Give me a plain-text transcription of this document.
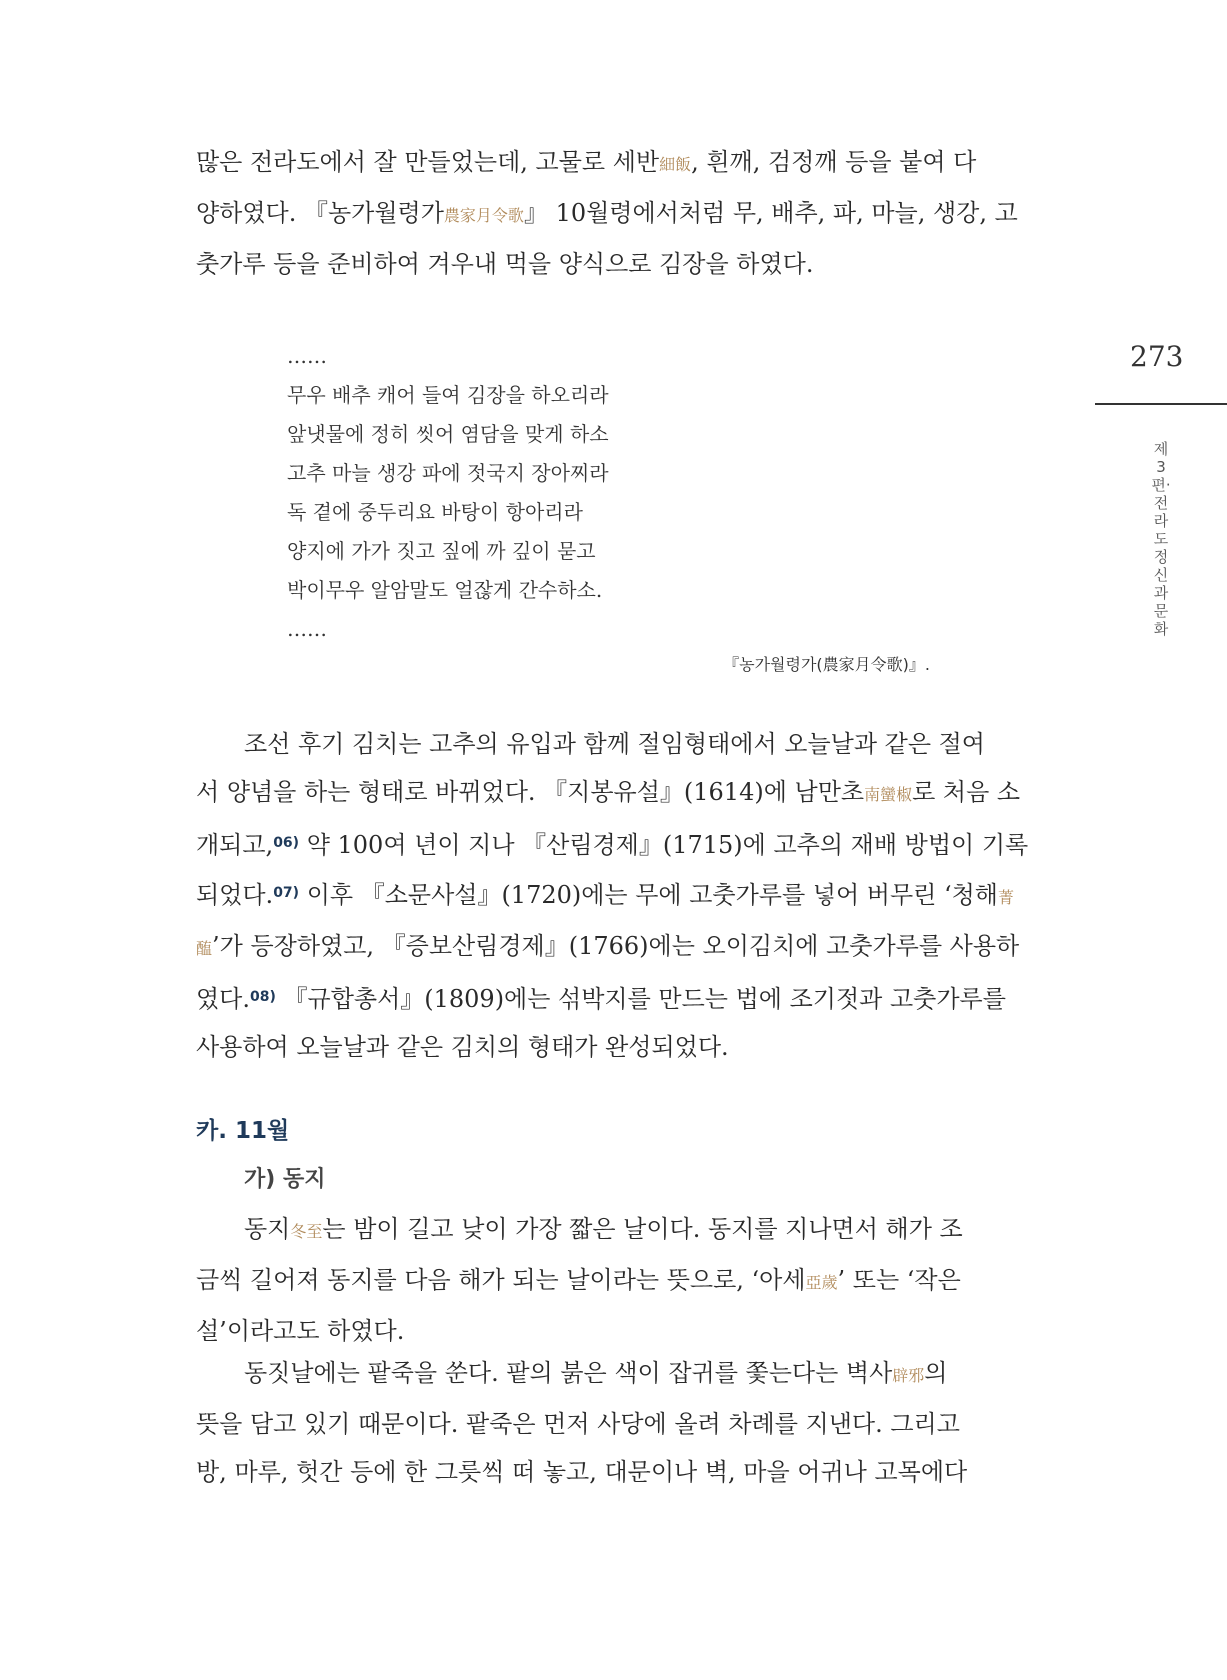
많은 전라도에서 잘 만들었는데, 고물로 세반細飯, 흰깨, 검정깨 등을 붙여 다
양하였다. 『농가월령가農家月令歌』 10월령에서처럼 무, 배추, 파, 마늘, 생강, 고
춧가루 등을 준비하여 겨우내 먹을 양식으로 김장을 하였다.
……
무우 배추 캐어 들여 김장을 하오리라
앞냇물에 정히 씻어 염담을 맞게 하소
고추 마늘 생강 파에 젓국지 장아찌라
독 곁에 중두리요 바탕이 항아리라
양지에 가가 짓고 짚에 까 깊이 묻고
박이무우 알암말도 얼잖게 간수하소.
……
『농가월령가(農家月令歌)』.
조선 후기 김치는 고추의 유입과 함께 절임형태에서 오늘날과 같은 절여
서 양념을 하는 형태로 바뀌었다. 『지봉유설』(1614)에 남만초南蠻椒로 처음 소
개되고,$^{06)}$ 약 100여 년이 지나 『산림경제』(1715)에 고추의 재배 방법이 기록
되었다.$^{07)}$ 이후 『소문사설』(1720)에는 무에 고춧가루를 넣어 버무린 ‘청해菁
醢’가 등장하였고, 『증보산림경제』(1766)에는 오이김치에 고춧가루를 사용하
였다.$^{08)}$ 『규합총서』(1809)에는 섞박지를 만드는 법에 조기젓과 고춧가루를
사용하여 오늘날과 같은 김치의 형태가 완성되었다.
카. 11월
가) 동지
동지冬至는 밤이 길고 낮이 가장 짧은 날이다. 동지를 지나면서 해가 조
금씩 길어져 동지를 다음 해가 되는 날이라는 뜻으로, ‘아세亞歲’ 또는 ‘작은
설’이라고도 하였다.
동짓날에는 팥죽을 쑨다. 팥의 붉은 색이 잡귀를 쫓는다는 벽사辟邪의
뜻을 담고 있기 때문이다. 팥죽은 먼저 사당에 올려 차례를 지낸다. 그리고
방, 마루, 헛간 등에 한 그릇씩 떠 놓고, 대문이나 벽, 마을 어귀나 고목에다
273
제3편·전라도 정신과 문화
